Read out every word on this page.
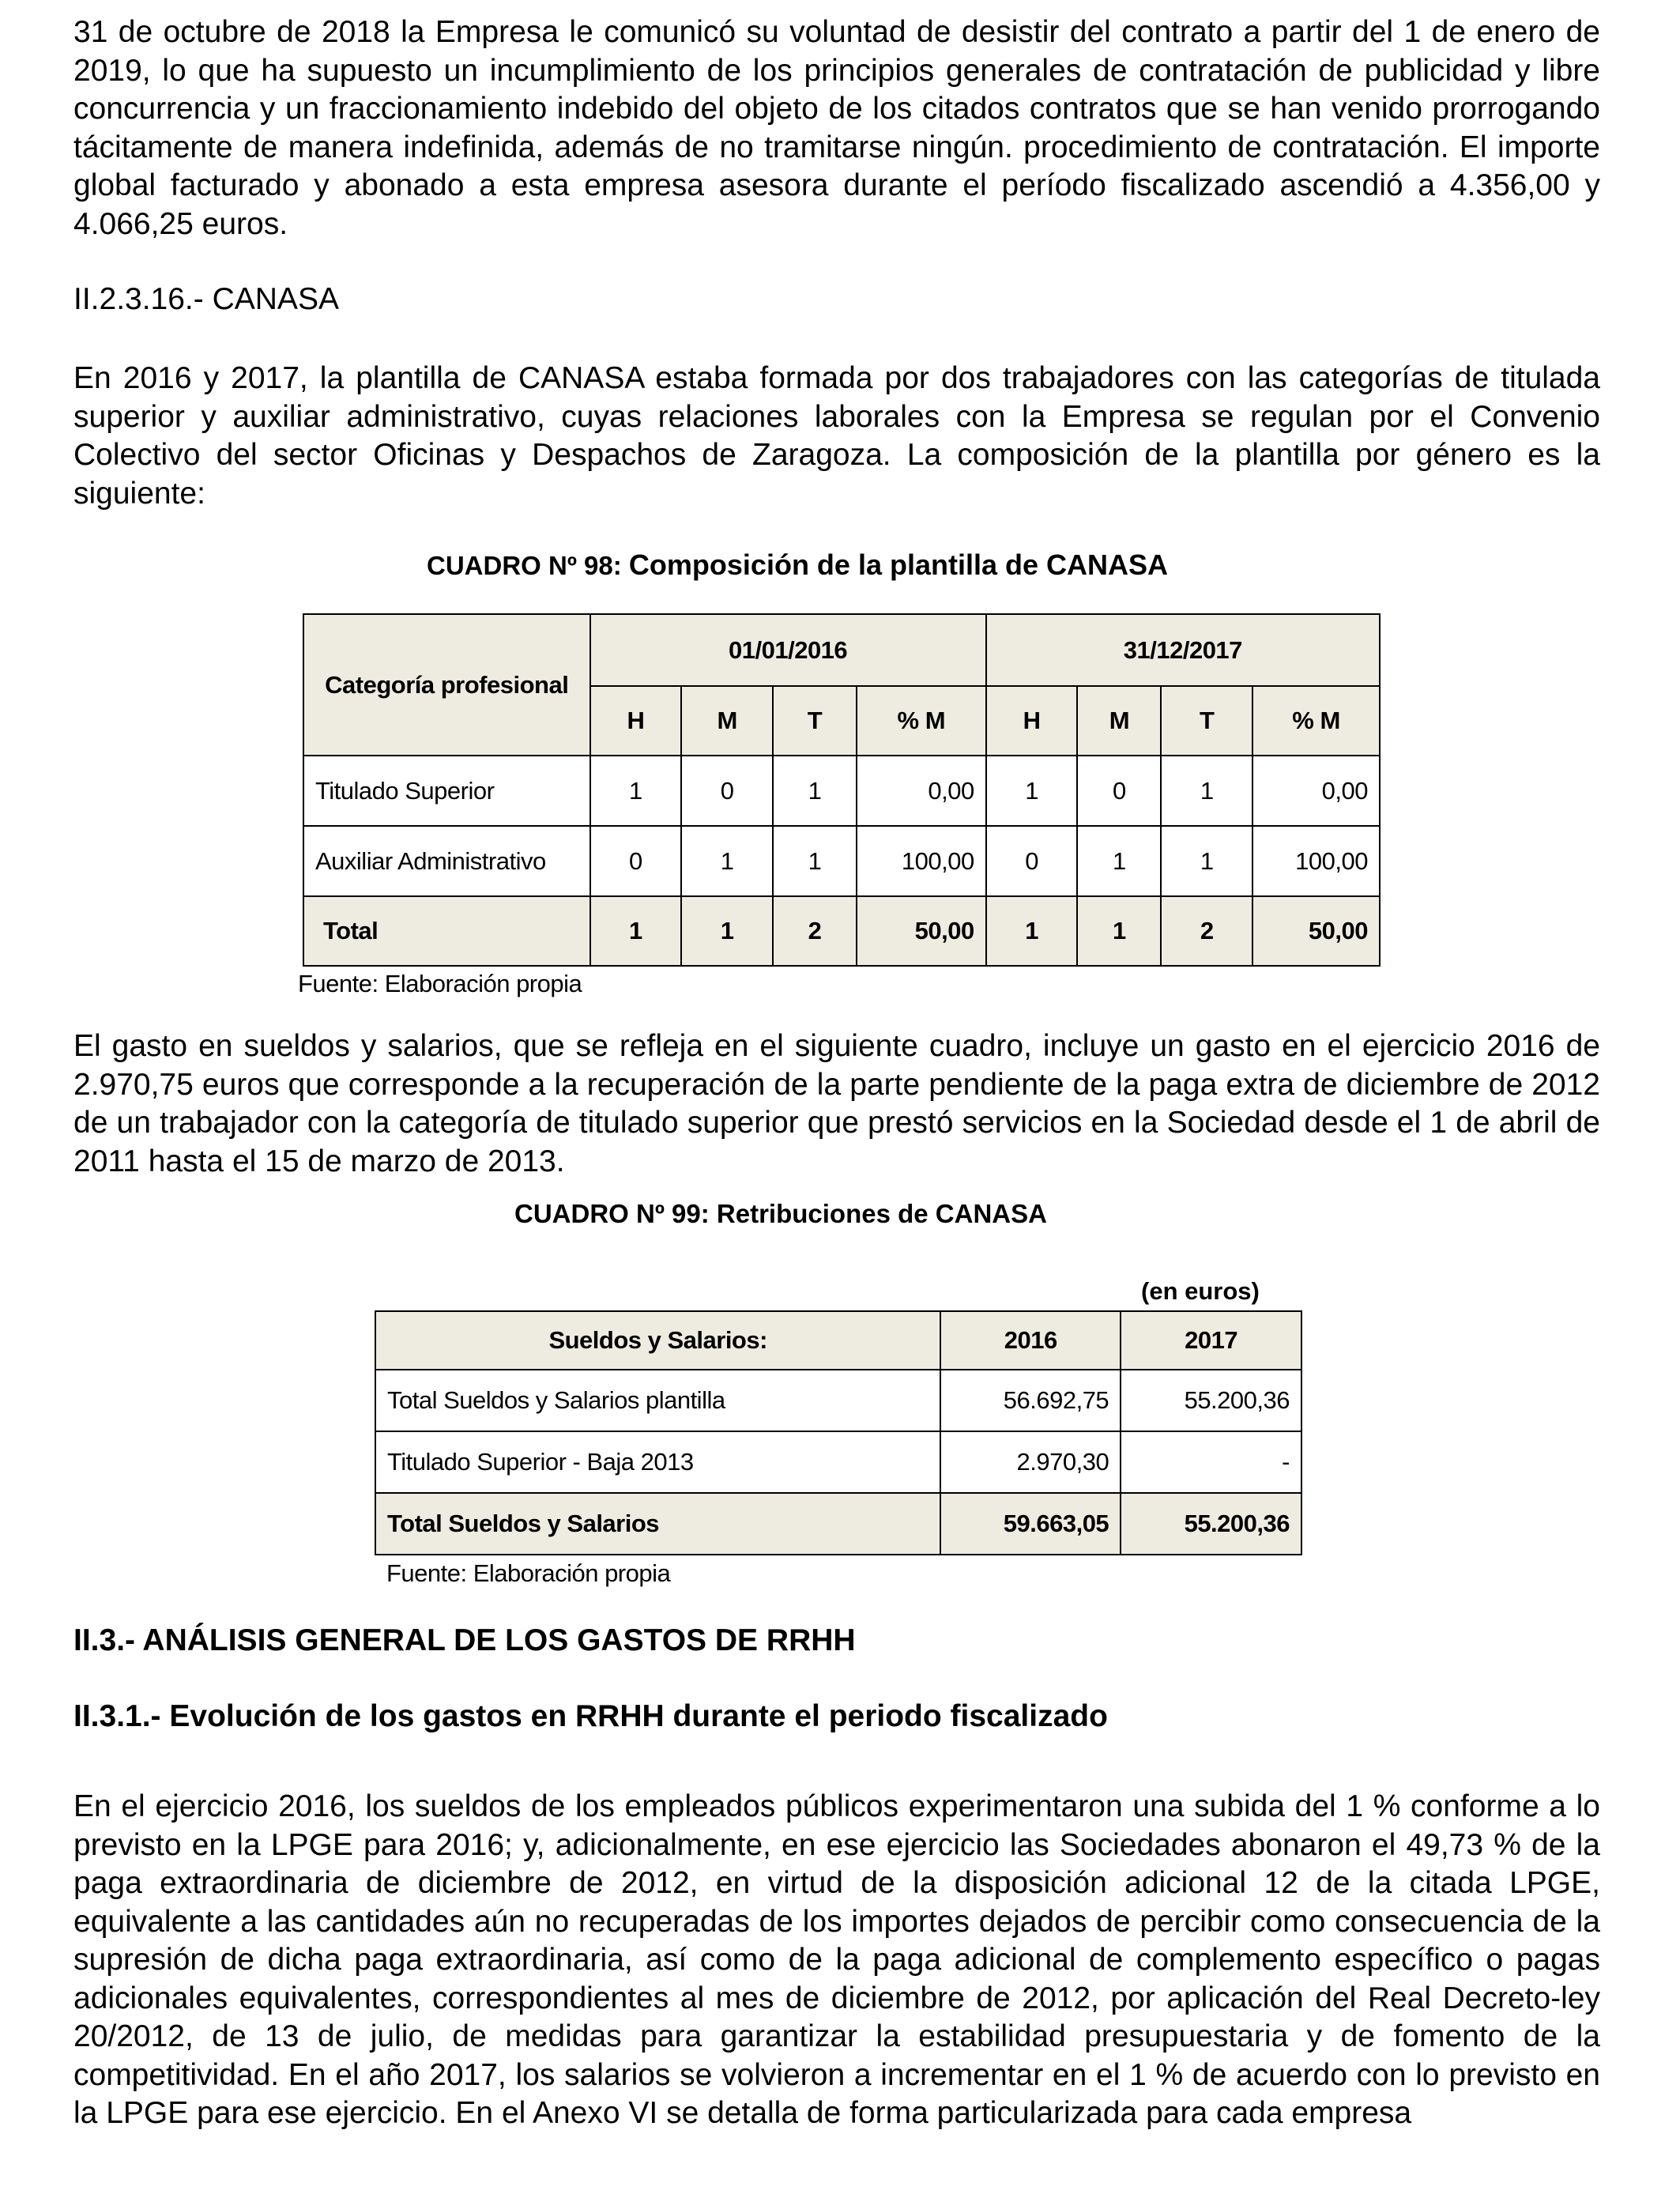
31 de octubre de 2018 la Empresa le comunicó su voluntad de desistir del contrato a partir del 1 de enero de 2019, lo que ha supuesto un incumplimiento de los principios generales de contratación de publicidad y libre concurrencia y un fraccionamiento indebido del objeto de los citados contratos que se han venido prorrogando tácitamente de manera indefinida, además de no tramitarse ningún. procedimiento de contratación. El importe global facturado y abonado a esta empresa asesora durante el período fiscalizado ascendió a 4.356,00 y 4.066,25 euros.
II.2.3.16.- CANASA
En 2016 y 2017, la plantilla de CANASA estaba formada por dos trabajadores con las categorías de titulada superior y auxiliar administrativo, cuyas relaciones laborales con la Empresa se regulan por el Convenio Colectivo del sector Oficinas y Despachos de Zaragoza. La composición de la plantilla por género es la siguiente:
CUADRO Nº 98: Composición de la plantilla de CANASA
Categoría profesional	01/01/2016				31/12/2017			
	H	M	T	% M	H	M	T	% M
Titulado Superior	1	0	1	0,00	1	0	1	0,00
Auxiliar Administrativo	0	1	1	100,00	0	1	1	100,00
Total	1	1	2	50,00	1	1	2	50,00
Fuente: Elaboración propia
El gasto en sueldos y salarios, que se refleja en el siguiente cuadro, incluye un gasto en el ejercicio 2016 de 2.970,75 euros que corresponde a la recuperación de la parte pendiente de la paga extra de diciembre de 2012 de un trabajador con la categoría de titulado superior que prestó servicios en la Sociedad desde el 1 de abril de 2011 hasta el 15 de marzo de 2013.
CUADRO Nº 99: Retribuciones de CANASA
(en euros)
Sueldos y Salarios:	2016	2017
Total Sueldos y Salarios plantilla	56.692,75	55.200,36
Titulado Superior - Baja 2013	2.970,30	-
Total Sueldos y Salarios	59.663,05	55.200,36
Fuente: Elaboración propia
II.3.- ANÁLISIS GENERAL DE LOS GASTOS DE RRHH
II.3.1.- Evolución de los gastos en RRHH durante el periodo fiscalizado
En el ejercicio 2016, los sueldos de los empleados públicos experimentaron una subida del 1 % conforme a lo previsto en la LPGE para 2016; y, adicionalmente, en ese ejercicio las Sociedades abonaron el 49,73 % de la paga extraordinaria de diciembre de 2012, en virtud de la disposición adicional 12 de la citada LPGE, equivalente a las cantidades aún no recuperadas de los importes dejados de percibir como consecuencia de la supresión de dicha paga extraordinaria, así como de la paga adicional de complemento específico o pagas adicionales equivalentes, correspondientes al mes de diciembre de 2012, por aplicación del Real Decreto-ley 20/2012, de 13 de julio, de medidas para garantizar la estabilidad presupuestaria y de fomento de la competitividad. En el año 2017, los salarios se volvieron a incrementar en el 1 % de acuerdo con lo previsto en la LPGE para ese ejercicio. En el Anexo VI se detalla de forma particularizada para cada empresa
